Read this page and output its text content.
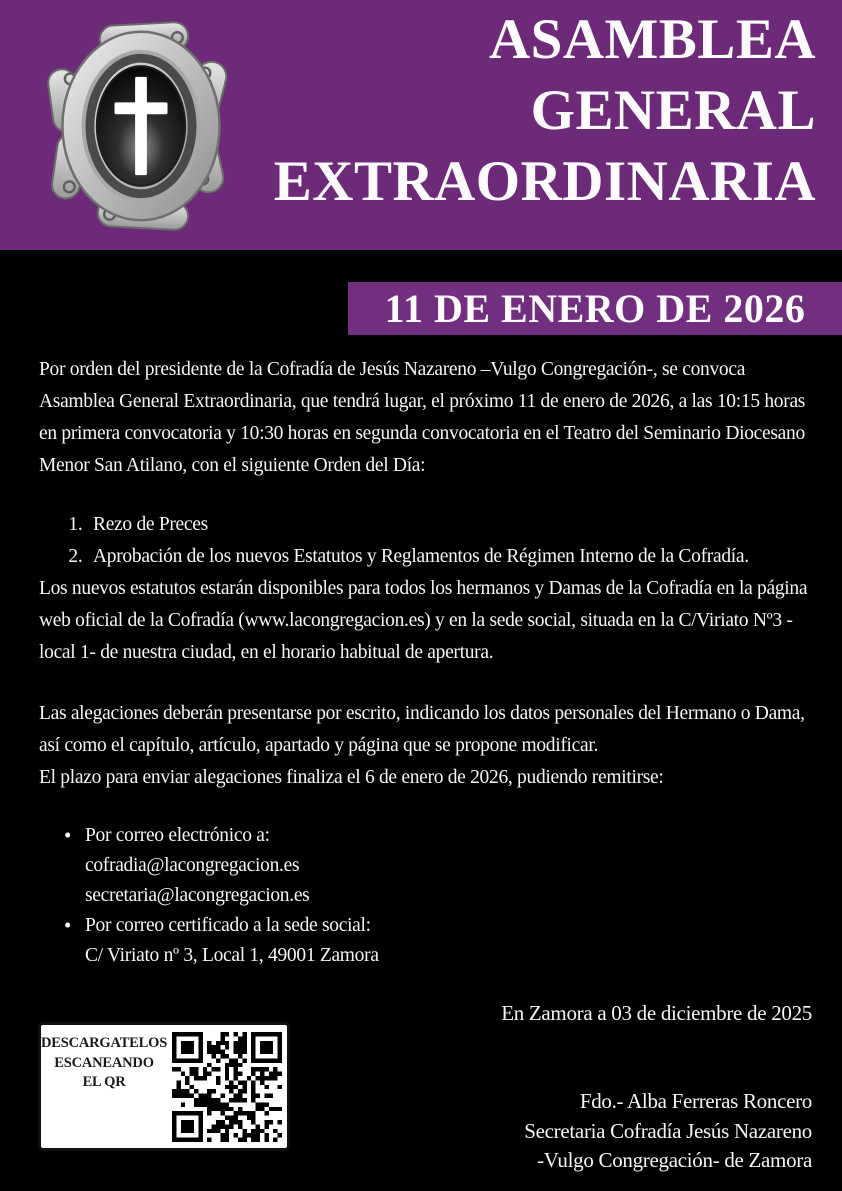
ASAMBLEA
GENERAL
EXTRAORDINARIA
11 DE ENERO DE 2026

Por orden del presidente de la Cofradía de Jesús Nazareno –Vulgo Congregación-, se convoca Asamblea General Extraordinaria, que tendrá lugar, el próximo 11 de enero de 2026, a las 10:15 horas en primera convocatoria y 10:30 horas en segunda convocatoria en el Teatro del Seminario Diocesano Menor San Atilano, con el siguiente Orden del Día:

1. Rezo de Preces
2. Aprobación de los nuevos Estatutos y Reglamentos de Régimen Interno de la Cofradía.

Los nuevos estatutos estarán disponibles para todos los hermanos y Damas de la Cofradía en la página web oficial de la Cofradía (www.lacongregacion.es) y en la sede social, situada en la C/Viriato Nº3 - local 1- de nuestra ciudad, en el horario habitual de apertura.

Las alegaciones deberán presentarse por escrito, indicando los datos personales del Hermano o Dama, así como el capítulo, artículo, apartado y página que se propone modificar.
El plazo para enviar alegaciones finaliza el 6 de enero de 2026, pudiendo remitirse:
• Por correo electrónico a:
cofradia@lacongregacion.es
secretaria@lacongregacion.es
• Por correo certificado a la sede social:
C/ Viriato nº 3, Local 1, 49001 Zamora
En Zamora a 03 de diciembre de 2025
DESCARGATELOS
ESCANEANDO
EL QR
Fdo.- Alba Ferreras Roncero
Secretaria Cofradía Jesús Nazareno
-Vulgo Congregación- de Zamora
